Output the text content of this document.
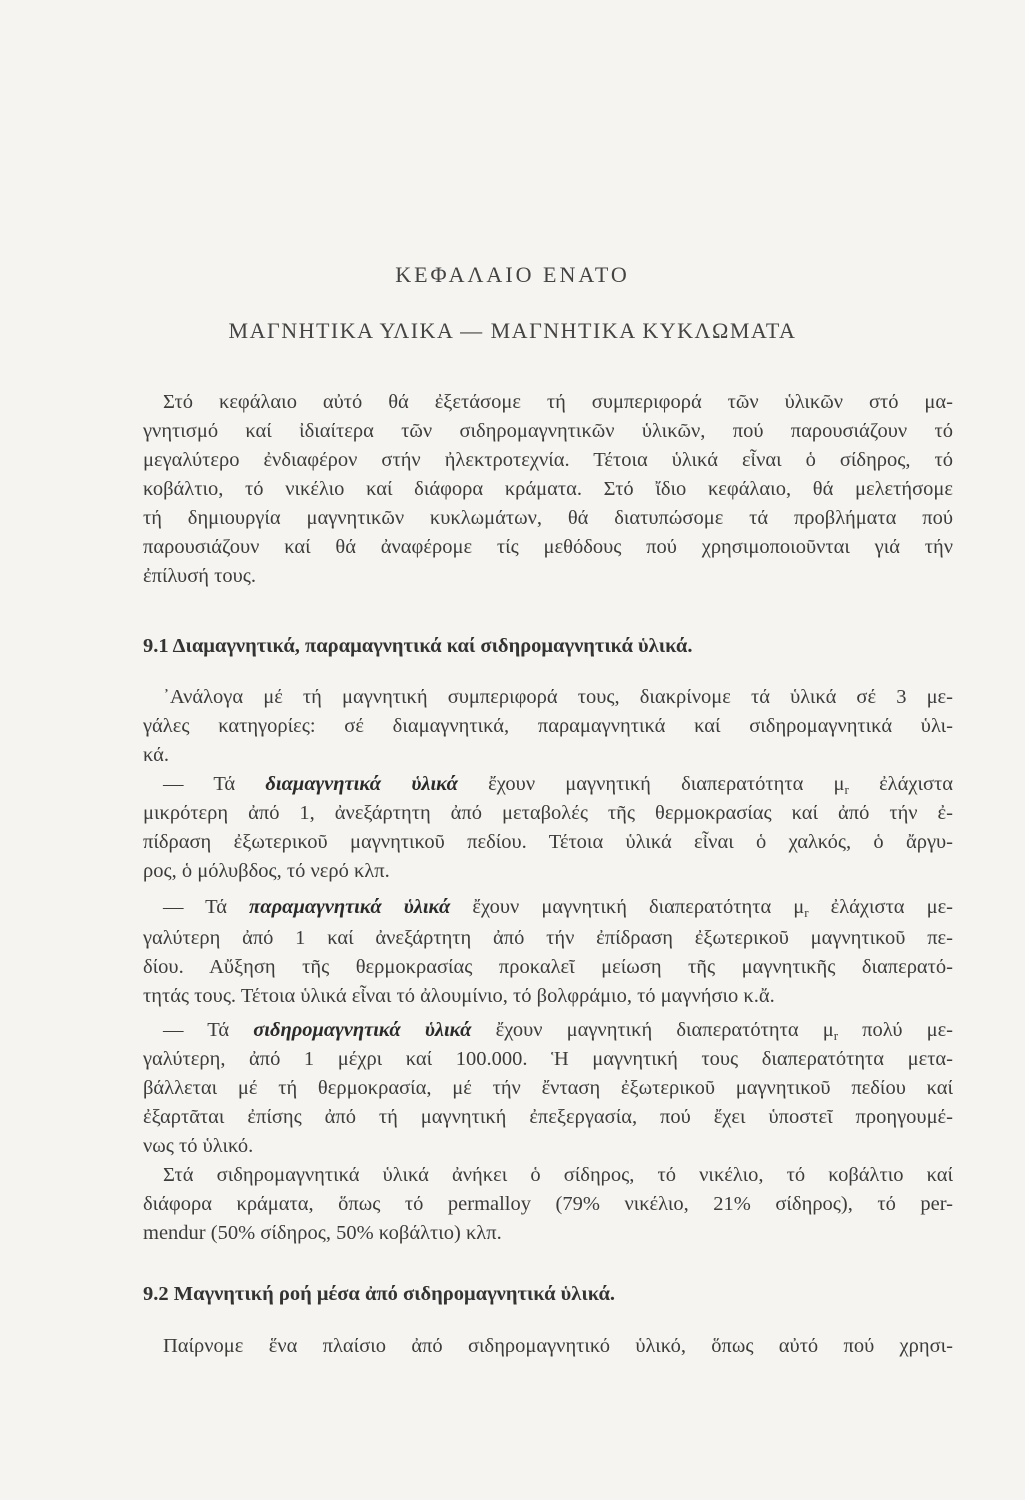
ΚΕΦΑΛΑΙΟ ΕΝΑΤΟ
ΜΑΓΝΗΤΙΚΑ ΥΛΙΚΑ — ΜΑΓΝΗΤΙΚΑ ΚΥΚΛΩΜΑΤΑ
Στό κεφάλαιο αὐτό θά ἐξετάσομε τή συμπεριφορά τῶν ὑλικῶν στό μα-
γνητισμό καί ἰδιαίτερα τῶν σιδηρομαγνητικῶν ὑλικῶν, πού παρουσιάζουν τό
μεγαλύτερο ἐνδιαφέρον στήν ἠλεκτροτεχνία. Τέτοια ὑλικά εἶναι ὁ σίδηρος, τό
κοβάλτιο, τό νικέλιο καί διάφορα κράματα. Στό ἴδιο κεφάλαιο, θά μελετήσομε
τή δημιουργία μαγνητικῶν κυκλωμάτων, θά διατυπώσομε τά προβλήματα πού
παρουσιάζουν καί θά ἀναφέρομε τίς μεθόδους πού χρησιμοποιοῦνται γιά τήν
ἐπίλυσή τους.
9.1 Διαμαγνητικά, παραμαγνητικά καί σιδηρομαγνητικά ὑλικά.
᾿Ανάλογα μέ τή μαγνητική συμπεριφορά τους, διακρίνομε τά ὑλικά σέ 3 με-
γάλες κατηγορίες: σέ διαμαγνητικά, παραμαγνητικά καί σιδηρομαγνητικά ὑλι-
κά.
— Τά διαμαγνητικά ὑλικά ἔχουν μαγνητική διαπερατότητα $\mu_r$ ἐλάχιστα
μικρότερη ἀπό 1, ἀνεξάρτητη ἀπό μεταβολές τῆς θερμοκρασίας καί ἀπό τήν ἐ-
πίδραση ἐξωτερικοῦ μαγνητικοῦ πεδίου. Τέτοια ὑλικά εἶναι ὁ χαλκός, ὁ ἄργυ-
ρος, ὁ μόλυβδος, τό νερό κλπ.
— Τά παραμαγνητικά ὑλικά ἔχουν μαγνητική διαπερατότητα $\mu_r$ ἐλάχιστα με-
γαλύτερη ἀπό 1 καί ἀνεξάρτητη ἀπό τήν ἐπίδραση ἐξωτερικοῦ μαγνητικοῦ πε-
δίου. Αὔξηση τῆς θερμοκρασίας προκαλεῖ μείωση τῆς μαγνητικῆς διαπερατό-
τητάς τους. Τέτοια ὑλικά εἶναι τό ἀλουμίνιο, τό βολφράμιο, τό μαγνήσιο κ.ἄ.
— Τά σιδηρομαγνητικά ὑλικά ἔχουν μαγνητική διαπερατότητα $\mu_r$ πολύ με-
γαλύτερη, ἀπό 1 μέχρι καί 100.000. Ἡ μαγνητική τους διαπερατότητα μετα-
βάλλεται μέ τή θερμοκρασία, μέ τήν ἔνταση ἐξωτερικοῦ μαγνητικοῦ πεδίου καί
ἐξαρτᾶται ἐπίσης ἀπό τή μαγνητική ἐπεξεργασία, πού ἔχει ὑποστεῖ προηγουμέ-
νως τό ὑλικό.
Στά σιδηρομαγνητικά ὑλικά ἀνήκει ὁ σίδηρος, τό νικέλιο, τό κοβάλτιο καί
διάφορα κράματα, ὅπως τό permalloy (79% νικέλιο, 21% σίδηρος), τό per-
mendur (50% σίδηρος, 50% κοβάλτιο) κλπ.
9.2 Μαγνητική ροή μέσα ἀπό σιδηρομαγνητικά ὑλικά.
Παίρνομε ἕνα πλαίσιο ἀπό σιδηρομαγνητικό ὑλικό, ὅπως αὐτό πού χρησι-
